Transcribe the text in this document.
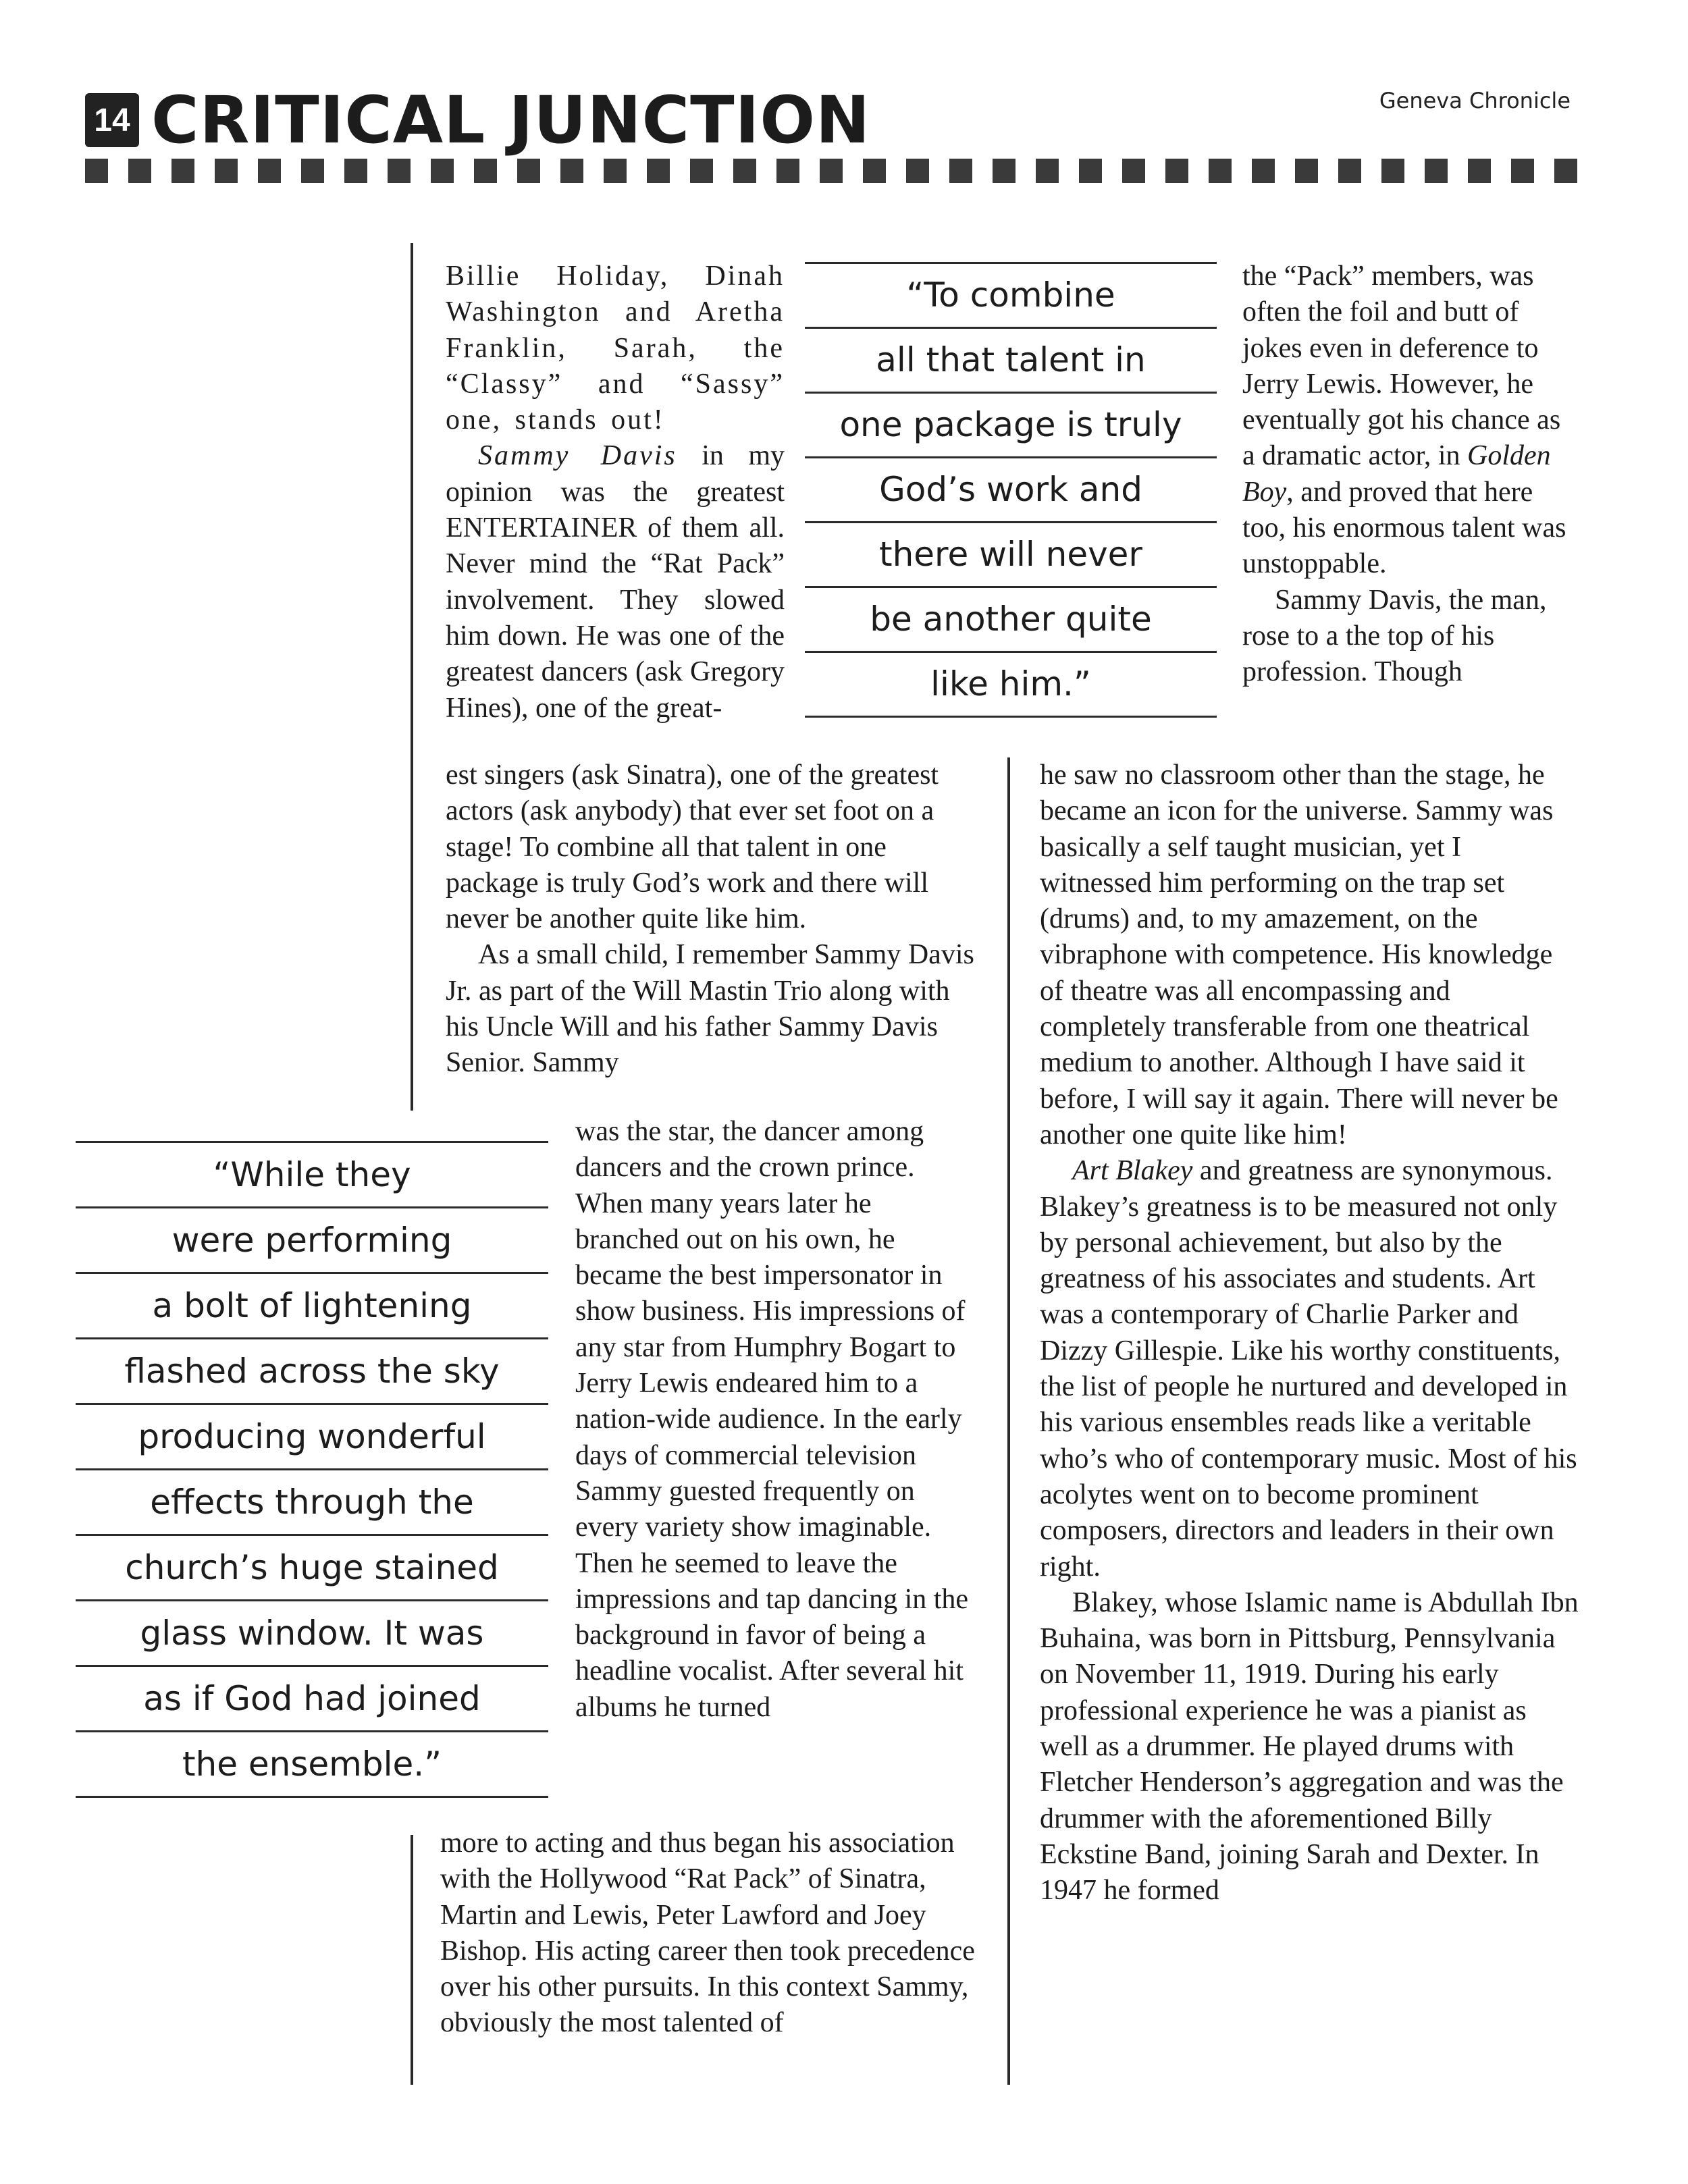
14 CRITICAL JUNCTION	Geneva Chronicle

Billie Holiday, Dinah Washington and Aretha Franklin, Sarah, the “Classy” and “Sassy” one, stands out!

Sammy Davis in my opinion was the greatest ENTERTAINER of them all. Never mind the “Rat Pack” involvement. They slowed him down. He was one of the greatest dancers (ask Gregory Hines), one of the great-

est singers (ask Sinatra), one of the greatest actors (ask anybody) that ever set foot on a stage! To combine all that talent in one package is truly God’s work and there will never be another quite like him.

As a small child, I remember Sammy Davis Jr. as part of the Will Mastin Trio along with his Uncle Will and his father Sammy Davis Senior. Sammy

was the star, the dancer among dancers and the crown prince. When many years later he branched out on his own, he became the best impersonator in show business. His impressions of any star from Humphry Bogart to Jerry Lewis endeared him to a nation-wide audience. In the early days of commercial television Sammy guested frequently on every variety show imaginable. Then he seemed to leave the impressions and tap dancing in the background in favor of being a headline vocalist. After several hit albums he turned

more to acting and thus began his association with the Hollywood “Rat Pack” of Sinatra, Martin and Lewis, Peter Lawford and Joey Bishop. His acting career then took precedence over his other pursuits. In this context Sammy, obviously the most talented of

the “Pack” members, was often the foil and butt of jokes even in deference to Jerry Lewis. However, he eventually got his chance as a dramatic actor, in Golden Boy, and proved that here too, his enormous talent was unstoppable.

Sammy Davis, the man, rose to a the top of his profession. Though

he saw no classroom other than the stage, he became an icon for the universe. Sammy was basically a self taught musician, yet I witnessed him performing on the trap set (drums) and, to my amazement, on the vibraphone with competence. His knowledge of theatre was all encompassing and completely transferable from one theatrical medium to another. Although I have said it before, I will say it again. There will never be another one quite like him!

Art Blakey and greatness are synonymous. Blakey’s greatness is to be measured not only by personal achievement, but also by the greatness of his associates and students. Art was a contemporary of Charlie Parker and Dizzy Gillespie. Like his worthy constituents, the list of people he nurtured and developed in his various ensembles reads like a veritable who’s who of contemporary music. Most of his acolytes went on to become prominent composers, directors and leaders in their own right.

Blakey, whose Islamic name is Abdullah Ibn Buhaina, was born in Pittsburg, Pennsylvania on November 11, 1919. During his early professional experience he was a pianist as well as a drummer. He played drums with Fletcher Henderson’s aggregation and was the drummer with the aforementioned Billy Eckstine Band, joining Sarah and Dexter. In 1947 he formed

“To combine
all that talent in
one package is truly
God’s work and
there will never
be another quite
like him.”
“While they
were performing
a bolt of lightening
flashed across the sky
producing wonderful
effects through the
church’s huge stained
glass window. It was
as if God had joined
the ensemble.”
